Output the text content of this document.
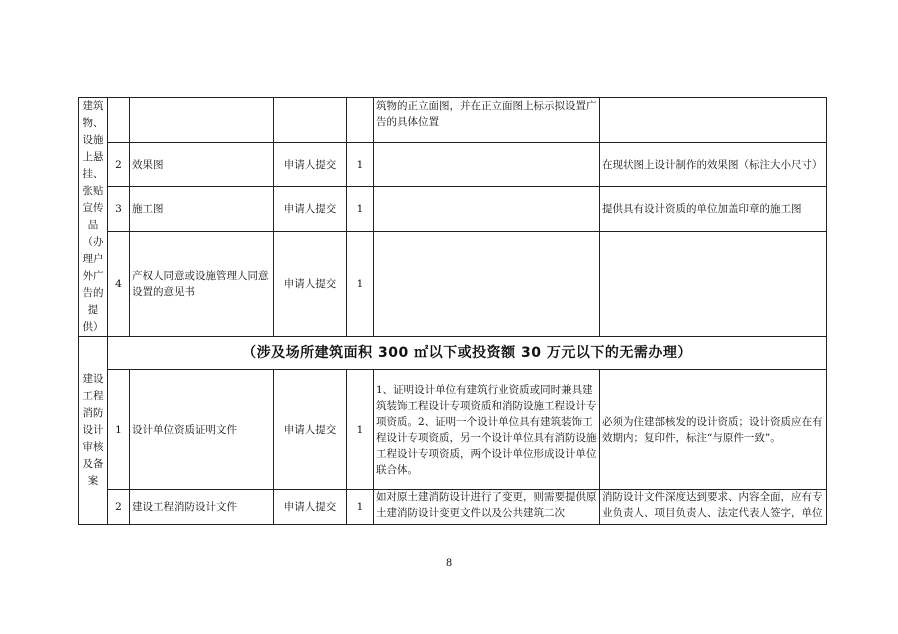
建筑物、设施上悬挂、张贴宣传品（办理户外广告的提供）					筑物的正立面图，并在正立面图上标示拟设置广告的具体位置	
	2	效果图	申请人提交	1		在现状图上设计制作的效果图（标注大小尺寸）
	3	施工图	申请人提交	1		提供具有设计资质的单位加盖印章的施工图
	4	产权人同意或设施管理人同意设置的意见书	申请人提交	1		
建设工程消防设计审核及备案	（涉及场所建筑面积 300 ㎡以下或投资额 30 万元以下的无需办理）					
	1	设计单位资质证明文件	申请人提交	1	1、证明设计单位有建筑行业资质或同时兼具建筑装饰工程设计专项资质和消防设施工程设计专项资质。2、证明一个设计单位具有建筑装饰工程设计专项资质，另一个设计单位具有消防设施工程设计专项资质，两个设计单位形成设计单位联合体。	必须为住建部核发的设计资质；设计资质应在有效期内；复印件，标注“与原件一致”。
	2	建设工程消防设计文件	申请人提交	1	如对原土建消防设计进行了变更，则需要提供原土建消防设计变更文件以及公共建筑二次	消防设计文件深度达到要求、内容全面，应有专业负责人、项目负责人、法定代表人签字，单位
8
